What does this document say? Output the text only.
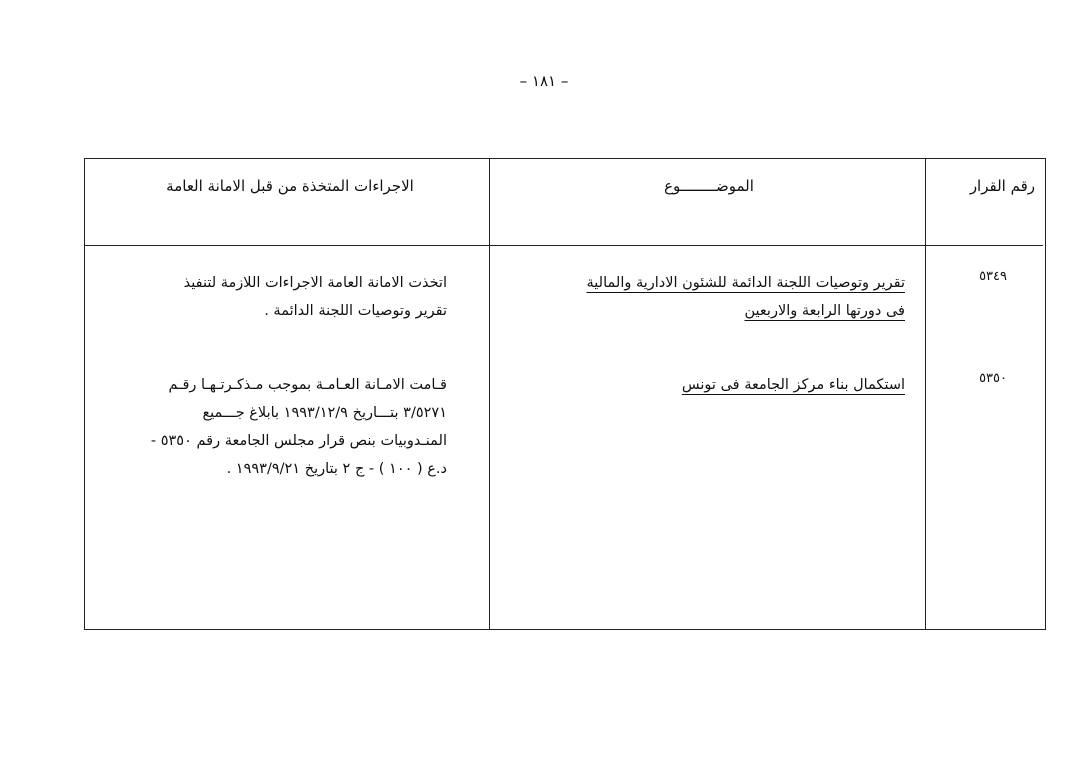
– ١٨١ –
رقم القرار
الموضــــــــوع
الاجراءات المتخذة من قبل الامانة العامة
٥٣٤٩
تقرير وتوصيات اللجنة الدائمة للشئون الادارية والمالية
فى دورتها الرابعة والاربعين
اتخذت الامانة العامة الاجراءات اللازمة لتنفيذ
تقرير وتوصيات اللجنة الدائمة .
٥٣٥٠
استكمال بناء مركز الجامعة فى تونس
قـامت الامـانة العـامـة بموجب مـذكـرتـهـا رقـم
٣/٥٢٧١ بتـــاريخ ١٩٩٣/١٢/٩ بابلاغ جـــميع
المنـدوبيات بنص قرار مجلس الجامعة رقم ٥٣٥٠ -
د.ع ( ١٠٠ ) - ج ٢ بتاريخ ١٩٩٣/٩/٢١ .
